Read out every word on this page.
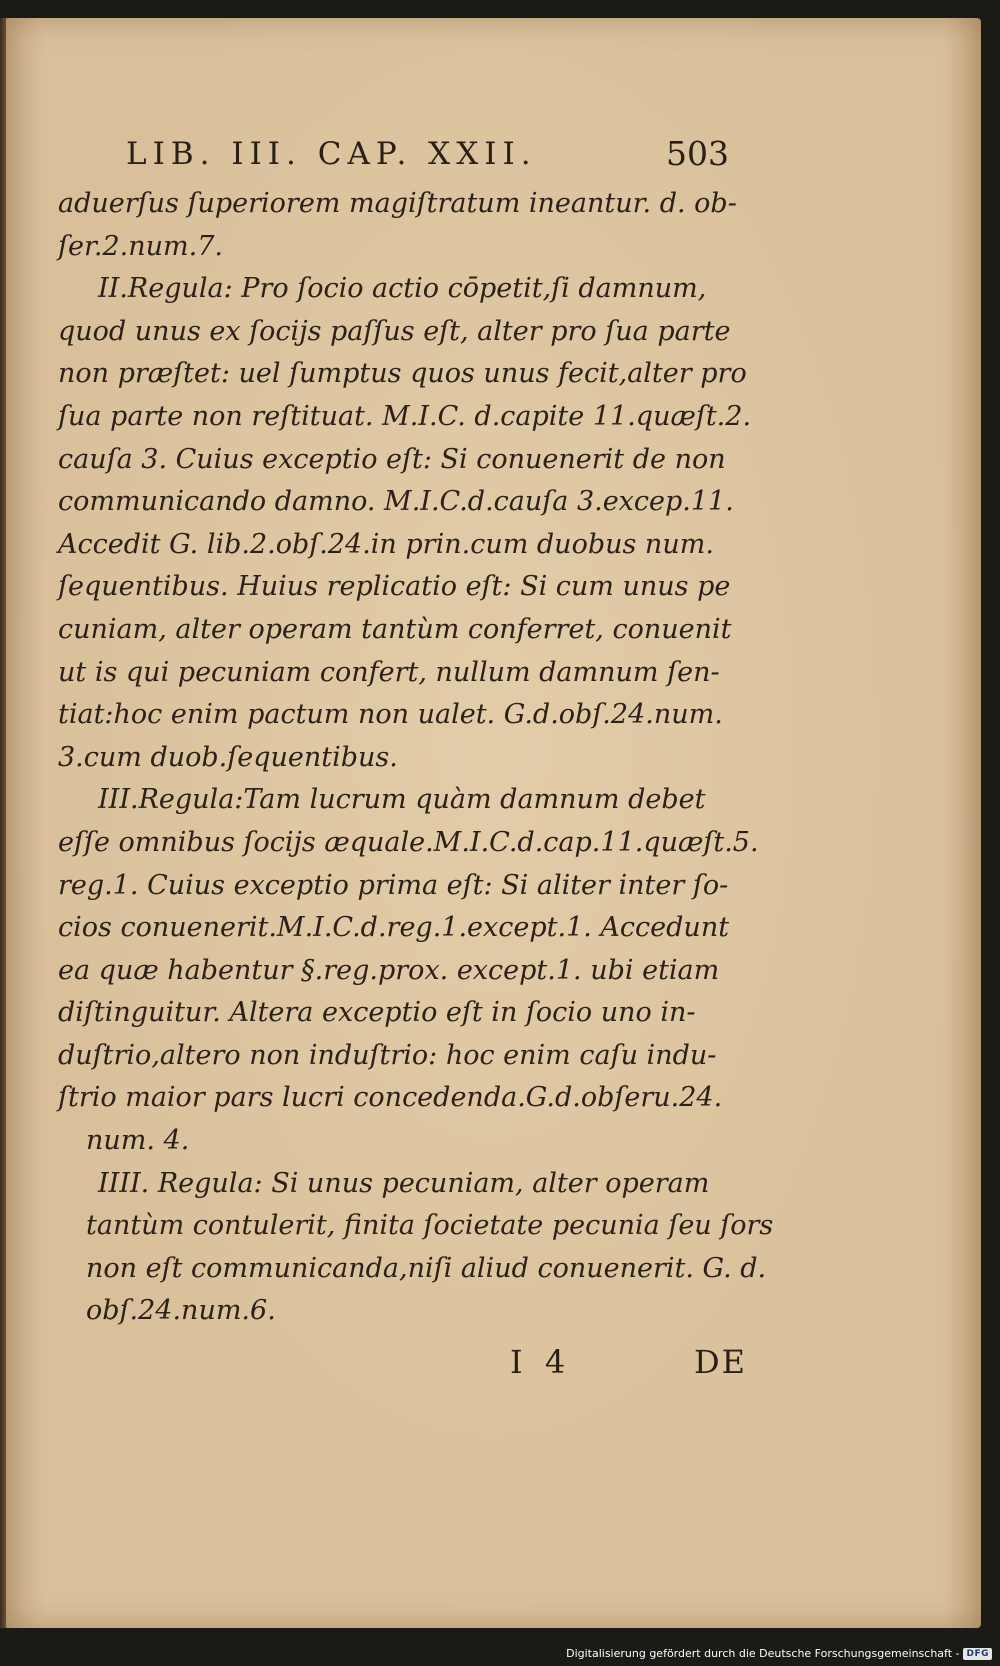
LIB. III. CAP. XXII.	503
aduerſus ſuperiorem magiſtratum ineantur. d. ob-
ſer.2.num.7.
II.Regula: Pro ſocio actio cōpetit,ſi damnum,
quod unus ex ſocijs paſſus eſt, alter pro ſua parte
non præſtet: uel ſumptus quos unus fecit,alter pro
ſua parte non reſtituat. M.I.C. d.capite 11.quæſt.2.
cauſa 3. Cuius exceptio eſt: Si conuenerit de non
communicando damno. M.I.C.d.cauſa 3.excep.11.
Accedit G. lib.2.obſ.24.in prin.cum duobus num.
ſequentibus. Huius replicatio eſt: Si cum unus pe
cuniam, alter operam tantùm conferret, conuenit
ut is qui pecuniam confert, nullum damnum ſen-
tiat:hoc enim pactum non ualet. G.d.obſ.24.num.
3.cum duob.ſequentibus.
III.Regula:Tam lucrum quàm damnum debet
eſſe omnibus ſocijs æquale.M.I.C.d.cap.11.quæſt.5.
reg.1. Cuius exceptio prima eſt: Si aliter inter ſo-
cios conuenerit.M.I.C.d.reg.1.except.1. Accedunt
ea quæ habentur §.reg.prox. except.1. ubi etiam
diſtinguitur. Altera exceptio eſt in ſocio uno in-
duſtrio,altero non induſtrio: hoc enim caſu indu-
ſtrio maior pars lucri concedenda.G.d.obſeru.24.
num. 4.
IIII. Regula: Si unus pecuniam, alter operam
tantùm contulerit, finita ſocietate pecunia ſeu ſors
non eſt communicanda,niſi aliud conuenerit. G. d.
obſ.24.num.6.
I 4	DE
Digitalisierung gefördert durch die Deutsche Forschungsgemeinschaft - DFG
